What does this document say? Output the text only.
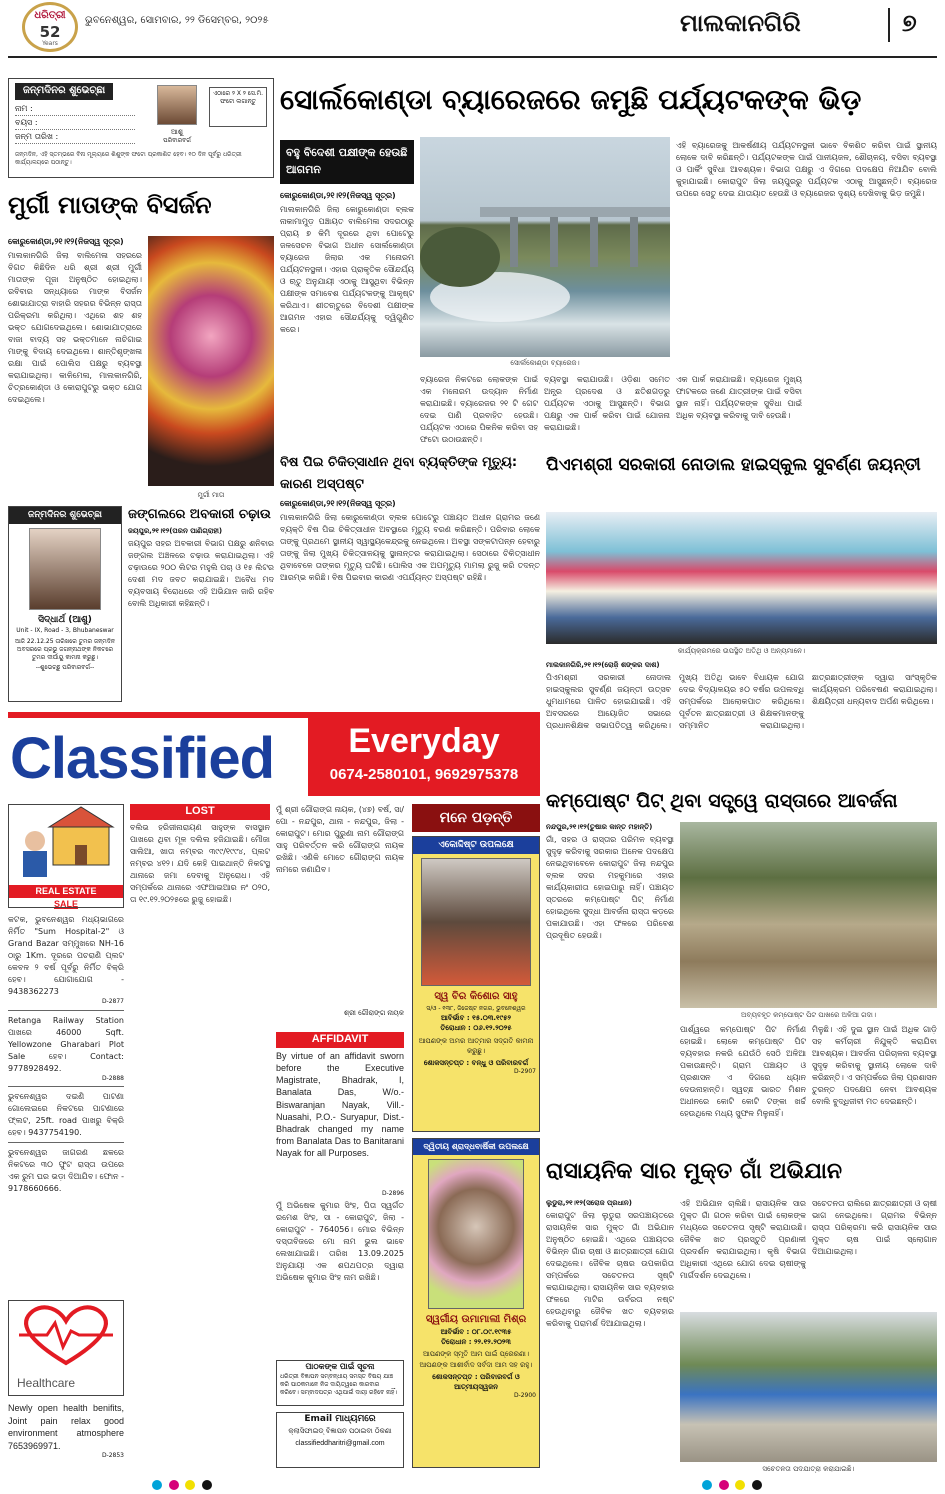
ଧରିତ୍ରୀ
52
Years
ଭୁବନେଶ୍ୱର, ସୋମବାର, ୨୨ ଡିସେମ୍ବର, ୨୦୨୫	ମାଲକାନଗିରି	୭
ଜନ୍ମଦିନର ଶୁଭେଚ୍ଛା
ନାମ :
ବୟସ :
ଜନ୍ମ ତାରିଖ :	ଆଶୁ
ପରିବାରବର୍ଗ
ଏଠାରେ ୨ X ୨ ସେ.ମି. ଫଟୋ ଲଗାନ୍ତୁ
ଜନ୍ମଦିନ, ଏହି ସ୍ତମ୍ଭରେ ବିନା ମୂଲ୍ୟରେ ଶିଶୁଙ୍କ ଫଟୋ ପ୍ରକାଶିତ ହେବ। ୧୦ ଦିନ ପୂର୍ବରୁ ଧରିତ୍ରୀ କାର୍ଯ୍ୟାଳୟରେ ପଠାନ୍ତୁ।
ସୋର୍ଲକୋଣ୍ଡା ବ୍ୟାରେଜରେ ଜମୁଛି ପର୍ଯ୍ୟଟକଙ୍କ ଭିଡ଼
ସୋର୍ଲକୋଣ୍ଡା ବ୍ୟାରେଜ।
ବହୁ ବିଦେଶୀ ପକ୍ଷୀଙ୍କ ହେଉଛି ଆଗମନ
କୋରୁକୋଣ୍ଡା,୨୧।୧୨(ନିଜସ୍ୱ ସୂତ୍ର)
ମାଲକାନଗିରି ଜିଲା କୋରୁକୋଣ୍ଡା ବ୍ଲକ ନାକାମାମୁଡ଼ ପଞ୍ଚାୟତ ବାଲିମେଳା ସଦରଠାରୁ ପ୍ରାୟ ୭ କିମି ଦୂରରେ ଥିବା ପୋଟେରୁ ଜଳସେଚନ ବିଭାଗ ଅଧୀନ ସୋର୍ଲକୋଣ୍ଡା ବ୍ୟାରେଜ ଜିଲାର ଏକ ମନୋରମ ପର୍ଯ୍ୟଟନସ୍ଥଳୀ। ଏହାର ପ୍ରାକୃତିକ ସୌନ୍ଦର୍ଯ୍ୟ ଓ ଋତୁ ଅନୁଯାୟୀ ଏଠାକୁ ଆସୁଥିବା ବିଭିନ୍ନ ପକ୍ଷୀଙ୍କ ସମାବେଶ ପର୍ଯ୍ୟଟକଙ୍କୁ ଆକୃଷ୍ଟ କରିଥାଏ। ଶୀତଋତୁରେ ବିଦେଶୀ ପକ୍ଷୀଙ୍କ ଆଗମନ ଏହାର ସୌନ୍ଦର୍ଯ୍ୟକୁ ଦ୍ୱିଗୁଣିତ କରେ।
ବ୍ୟାରେଜ ନିକଟରେ ଲୋକଙ୍କ ପାଇଁ ଏକ ମନୋରମ ଉଦ୍ୟାନ ନିର୍ମାଣ କରାଯାଇଛି। ବ୍ୟାରେଜର ୨୧ ଟି ଗେଟ ଦେଇ ପାଣି ପ୍ରବାହିତ ହେଉଛି। ପର୍ଯ୍ୟଟକ ଏଠାରେ ପିକନିକ କରିବା ସହ ଫଟୋ ଉଠାଉଛନ୍ତି।
ବ୍ୟବସ୍ଥା କରାଯାଉଛି। ଓଡ଼ିଶା ସମେତ ଅନ୍ଧ୍ର ପ୍ରଦେଶ ଓ ଛତିଶଗଡ଼ରୁ ପର୍ଯ୍ୟଟକ ଏଠାକୁ ଆସୁଛନ୍ତି। ବିଭାଗ ପକ୍ଷରୁ ଏକ ପାର୍କ କରିବା ପାଇଁ ଯୋଜନା କରାଯାଇଛି।
ଏକ ପାର୍କ କରାଯାଇଛି। ବ୍ୟାରେଜ ମୁଖ୍ୟ ଫାଟକରେ ଜଣେ ଯାତ୍ରୀଙ୍କ ପାଇଁ ବସିବା ସ୍ଥାନ ନାହିଁ। ପର୍ଯ୍ୟଟକଙ୍କ ସୁବିଧା ପାଇଁ ଅଧିକ ବ୍ୟବସ୍ଥା କରିବାକୁ ଦାବି ହେଉଛି।
ଏହି ବ୍ୟାରେଜକୁ ଆକର୍ଷଣୀୟ ପର୍ଯ୍ୟଟନସ୍ଥଳୀ ଭାବେ ବିକଶିତ କରିବା ପାଇଁ ସ୍ଥାନୀୟ ଲୋକେ ଦାବି କରିଛନ୍ତି। ପର୍ଯ୍ୟଟକଙ୍କ ପାଇଁ ପାନୀୟଜଳ, ଶୌଚାଳୟ, ବସିବା ବ୍ୟବସ୍ଥା ଓ ପାର୍କିଂ ସୁବିଧା ଆବଶ୍ୟକ। ବିଭାଗ ପକ୍ଷରୁ ଏ ଦିଗରେ ପଦକ୍ଷେପ ନିଆଯିବ ବୋଲି କୁହାଯାଇଛି। କୋରାପୁଟ ଜିଲା ଜୟପୁରରୁ ପର୍ଯ୍ୟଟକ ଏଠାକୁ ଆସୁଛନ୍ତି। ବ୍ୟାରେଜ ଉପରେ ସେତୁ ଦେଇ ଯାତାୟାତ ହେଉଛି ଓ ବ୍ୟାରେଜର ଦୃଶ୍ୟ ଦେଖିବାକୁ ଭିଡ଼ ଜମୁଛି।
ମୁର୍ଗୀ ମାତାଙ୍କ ବିସର୍ଜନ
କୋରୁକୋଣ୍ଡା,୨୧।୧୨(ନିଜସ୍ୱ ସୂତ୍ର)
ମାଲକାନଗିରି ଜିଲା ବାଲିମେଳା ସହରରେ ବିଗତ କିଛିଦିନ ଧରି ଶ୍ରୀ ଶ୍ରୀ ମୁର୍ଗୀ ମାତାଙ୍କ ପୂଜା ଅନୁଷ୍ଠିତ ହୋଇଥିଲା। ରବିବାର ସନ୍ଧ୍ୟାରେ ମାଙ୍କ ବିସର୍ଜନ ଶୋଭାଯାତ୍ରା ବାହାରି ସହରର ବିଭିନ୍ନ ରାସ୍ତା ପରିକ୍ରମା କରିଥିଲା। ଏଥିରେ ଶହ ଶହ ଭକ୍ତ ଯୋଗଦେଇଥିଲେ। ଶୋଭାଯାତ୍ରାରେ ବାଜା ବାଦ୍ୟ ସହ ଭକ୍ତମାନେ ନାଚିଗାଇ ମାଙ୍କୁ ବିଦାୟ ଦେଇଥିଲେ। ଶାନ୍ତିଶୃଙ୍ଖଳା ରକ୍ଷା ପାଇଁ ପୋଲିସ ପକ୍ଷରୁ ବ୍ୟବସ୍ଥା କରାଯାଇଥିଲା। କାଳିମେଳା, ମାଲକାନଗିରି, ଚିତ୍ରକୋଣ୍ଡା ଓ କୋରାପୁଟରୁ ଭକ୍ତ ଯୋଗ ଦେଇଥିଲେ।
ମୁର୍ଗୀ ମାତା
ଜନ୍ମଦିନର ଶୁଭେଚ୍ଛା
ସିଦ୍ଧାର୍ଥ (ଆଶୁ)
Unit - IX, Road - 3, Bhubaneswar
ଆଜି 22.12.25 ତାରିଖରେ ତୁମର ଜନ୍ମଦିନ ଅବସରରେ ପ୍ରଭୁ ଜଗନ୍ନାଥଙ୍କ ନିକଟରେ ତୁମର ଦୀର୍ଘାୟୁ କାମନା କରୁଛୁ।
--ଶୁଭେଚ୍ଛୁ ପରିବାରବର୍ଗ--
ଜଙ୍ଗଲରେ ଅବକାରୀ ଚଢ଼ାଉ
ଜୟପୁର,୨୧।୧୨(ପରନ ପାଣିଗ୍ରାହୀ)
ଜୟପୁର ସହର ଅବକାରୀ ବିଭାଗ ପକ୍ଷରୁ ଶନିବାର ଜଙ୍ଗଲ ଅଞ୍ଚଳରେ ଚଢ଼ାଉ କରାଯାଇଥିଲା। ଏହି ଚଢ଼ାଉରେ ୨୦୦ ଲିଟର ମହୁଲି ପଚା ଓ ୧୫ ଲିଟର ଦେଶୀ ମଦ ଜବତ କରାଯାଇଛି। ଅବୈଧ ମଦ ବ୍ୟବସାୟ ବିରୋଧରେ ଏହି ଅଭିଯାନ ଜାରି ରହିବ ବୋଲି ଅଧିକାରୀ କହିଛନ୍ତି।
ବିଷ ପିଇ ଚିକିତ୍ସାଧୀନ ଥିବା ବ୍ୟକ୍ତିଙ୍କ ମୃତ୍ୟୁ: କାରଣ ଅସ୍ପଷ୍ଟ
କୋରୁକୋଣ୍ଡା,୨୧।୧୨(ନିଜସ୍ୱ ସୂତ୍ର)
ମାଲକାନଗିରି ଜିଲା କୋରୁକୋଣ୍ଡା ବ୍ଲକ ପୋଟେରୁ ପଞ୍ଚାୟତ ଅଧୀନ ଗ୍ରାମର ଜଣେ ବ୍ୟକ୍ତି ବିଷ ପିଇ ଚିକିତ୍ସାଧୀନ ଅବସ୍ଥାରେ ମୃତ୍ୟୁ ବରଣ କରିଛନ୍ତି। ପରିବାର ଲୋକେ ତାଙ୍କୁ ପ୍ରଥମେ ସ୍ଥାନୀୟ ସ୍ୱାସ୍ଥ୍ୟକେନ୍ଦ୍ରକୁ ନେଇଥିଲେ। ଅବସ୍ଥା ସଙ୍କଟାପନ୍ନ ହେବାରୁ ତାଙ୍କୁ ଜିଲା ମୁଖ୍ୟ ଚିକିତ୍ସାଳୟକୁ ସ୍ଥାନାନ୍ତର କରାଯାଇଥିଲା। ସେଠାରେ ଚିକିତ୍ସାଧୀନ ଥିବାବେଳେ ତାଙ୍କର ମୃତ୍ୟୁ ଘଟିଛି। ପୋଲିସ ଏକ ଅପମୃତ୍ୟୁ ମାମଲା ରୁଜୁ କରି ତଦନ୍ତ ଆରମ୍ଭ କରିଛି। ବିଷ ପିଇବାର କାରଣ ଏପର୍ଯ୍ୟନ୍ତ ଅସ୍ପଷ୍ଟ ରହିଛି।
ପିଏମଶ୍ରୀ ସରକାରୀ ନୋଡାଲ ହାଇସ୍କୁଲ ସୁବର୍ଣ୍ଣ ଜୟନ୍ତୀ
କାର୍ଯ୍ୟକ୍ରମରେ ଉପସ୍ଥିତ ଅତିଥି ଓ ଅନ୍ୟମାନେ।
ମାଲକାନଗିରି,୨୧।୧୨(ରୋଜ଼ି ଶଙ୍କର ଦାଶ)
ପିଏମଶ୍ରୀ ସରକାରୀ ନୋଡାଲ ହାଇସ୍କୁଲର ସୁବର୍ଣ୍ଣ ଜୟନ୍ତୀ ଉତ୍ସବ ଧୁମଧାମରେ ପାଳିତ ହୋଇଯାଇଛି। ଏହି ଅବସରରେ ଆୟୋଜିତ ସଭାରେ ପ୍ରଧାନଶିକ୍ଷକ ସଭାପତିତ୍ୱ କରିଥିଲେ। ମୁଖ୍ୟ ଅତିଥି ଭାବେ ବିଧାୟକ ଯୋଗ ଦେଇ ବିଦ୍ୟାଳୟର ୫୦ ବର୍ଷର ଉପଲବ୍ଧି ସମ୍ପର୍କରେ ଆଲୋକପାତ କରିଥିଲେ। ପୂର୍ବତନ ଛାତ୍ରଛାତ୍ରୀ ଓ ଶିକ୍ଷକମାନଙ୍କୁ ସମ୍ମାନିତ କରାଯାଇଥିଲା। ଛାତ୍ରଛାତ୍ରୀଙ୍କ ଦ୍ୱାରା ସାଂସ୍କୃତିକ କାର୍ଯ୍ୟକ୍ରମ ପରିବେଷଣ କରାଯାଇଥିଲା। ଶିକ୍ଷୟିତ୍ରୀ ଧନ୍ୟବାଦ ଅର୍ପଣ କରିଥିଲେ।
Classified	Everyday
0674-2580101, 9692975378
REAL ESTATE
SALE
କଟକ, ଭୁବନେଶ୍ୱର ମଧ୍ୟଭାଗରେ ନିର୍ମିତ "Sum Hospital-2" ଓ Grand Bazar ସମ୍ମୁଖରେ NH-16 ଠାରୁ 1Km. ଦୂରରେ ପଚରାଣି ପ୍ଲଟ କେବଳ ୨ ବର୍ଷ ପୂର୍ବରୁ ନିର୍ମିତ ବିକ୍ରି ହେବ। ଯୋଗାଯୋଗ - 9438362273
D-2877
Retanga Railway Station ପାଖରେ 46000 Sqft. Yellowzone Gharabari Plot Sale ହେବ। Contact: 9778928492.
D-2888
ଭୁବନେଶ୍ୱର ଦଇଣି ପାଟଣା ଗୋଲେଇରେ ନିକଟରେ ପାଟଣାରେ ଫ୍ଲଟ, 25ft. road ପାଖରୁ ବିକ୍ରି ହେବ। 9437754190.
ଭୁବନେଶ୍ୱର ଜାଗରଣ ଛକରେ ନିକଟରେ ୩୦ ଫୁଟ ରାସ୍ତା ଉପରେ ଏକ ରୁମ ଘର ଭଡ଼ା ଦିଆଯିବ। ଫୋନ - 9178660666.
Healthcare
Newly open health benifits, Joint pain relax good environment atmosphere 7653969971.
D-2853
LOST
ବଲିଭ ହରିଜୀନାରାୟଣ ସାହୁଙ୍କ ବାସସ୍ଥାନ ପାଖରେ ଥିବା ମୂଳ ଦଲିଲ ହଜିଯାଇଛି। ମୌଜା ସାଲିଆ, ଖାତା ନମ୍ବର ୩୯୯/୧୯୯୪, ପ୍ଲଟ ନମ୍ବର ୪୧୨। ଯଦି କେହି ପାଇଥାନ୍ତି ନିକଟସ୍ଥ ଥାନାରେ ଜମା ଦେବାକୁ ଅନୁରୋଧ। ଏହି ସମ୍ପର୍କରେ ଥାନାରେ ଏଫଆଇଆର ନଂ ୦୨୦, ତା ୧୯.୧୨.୨୦୨୫ରେ ରୁଜୁ ହୋଇଛି।
ମୁଁ ଶ୍ରୀ ଗୌରାଙ୍ଗ ନାୟକ, (୪୭) ବର୍ଷ, ସା/ପୋ - ନନ୍ଦପୁର, ଥାନା - ନନ୍ଦପୁର, ଜିଲା - କୋରାପୁଟ। ମୋର ପୁରୁଣା ନାମ ଗୌରାଙ୍ଗ ସାହୁ ପରିବର୍ତ୍ତନ କରି ଗୌରାଙ୍ଗ ନାୟକ ରଖିଛି। ଏଣିକି ମୋତେ ଗୌରାଙ୍ଗ ନାୟକ ନାମରେ ଜଣାଯିବ।
ଶ୍ରୀ ଗୌରାଙ୍ଗ ନାୟକ
AFFIDAVIT
By virtue of an affidavit sworn before the Executive Magistrate, Bhadrak, I, Banalata Das, W/o.- Biswaranjan Nayak, Vill.- Nuasahi, P.O.- Suryapur, Dist.- Bhadrak changed my name from Banalata Das to Banitarani Nayak for all Purposes.
D-2896
ମୁଁ ଅଭିଷେକ କୁମାର ସିଂହ, ପିତା ସ୍ୱର୍ଗତ ରମେଶ ସିଂହ, ସା - କୋରାପୁଟ, ଜିଲା - କୋରାପୁଟ - 764056। ମୋର ବିଭିନ୍ନ ଦସ୍ତାବିଜରେ ମୋ ନାମ ଭୁଲ ଭାବେ ଲେଖାଯାଇଛି। ତାରିଖ 13.09.2025 ଅନୁଯାୟୀ ଏକ ଶପଥପତ୍ର ଦ୍ୱାରା ଅଭିଷେକ କୁମାର ସିଂହ ନାମ ରଖିଛି।
ପାଠକଙ୍କ ପାଇଁ ସୂଚନା
ଧରିତ୍ରୀ ବିଜ୍ଞାପନ ସମ୍ବନ୍ଧୀୟ ସମସ୍ତ ବିଷୟ ଯାଞ୍ଚ କରି ପାଠକମାନେ ନିଜ ଦାୟିତ୍ୱରେ କାରବାର କରିବେ। ସମ୍ବାଦପତ୍ର ଏଥିପାଇଁ ଦାୟୀ ରହିବେ ନାହିଁ।
Email ମାଧ୍ୟମରେ
କ୍ଲାସିଫାଇଡ୍ ବିଜ୍ଞାପନ ପଠାଇବା ଠିକଣା
classifieddharitri@gmail.com
ମନେ ପଡ଼ନ୍ତି
ଏକୋଦ୍ଦିଷ୍ଟ ଉପଲକ୍ଷେ
ସ୍ୱ ବିର କିଶୋର ସାହୁ
ସ/ଓ - ୧୩୮, ଜିଜେଷ୍ଟ ନଗର, ଭୁବନେଶ୍ୱର
ଆବିର୍ଭାବ : ୧୫.୦୩.୧୯୫୨
ତିରୋଧାନ : ୦୬.୧୨.୨୦୨୫
ଆପଣଙ୍କ ଅମର ଆତ୍ମାର ସଦ୍‌ଗତି କାମନା କରୁଛୁ।
ଶୋକସନ୍ତପ୍ତ : ବନ୍ଧୁ ଓ ପରିବାରବର୍ଗ
D-2907
ଦ୍ୱିତୀୟ ଶ୍ରାଦ୍ଧବାର୍ଷିକୀ ଉପଲକ୍ଷେ
ସ୍ୱର୍ଗୀୟ ଉମାମାଲୀ ମିଶ୍ର
ଆବିର୍ଭାବ : ୦୮.୦୯.୧୯୩୫
ତିରୋଧାନ : ୨୨.୧୨.୨୦୨୩
ଆପଣଙ୍କ ସ୍ମୃତି ଆମ ପାଇଁ ପ୍ରେରଣା। ଆପଣଙ୍କ ଆଶୀର୍ବାଦ ସର୍ବଦା ଆମ ସହ ରହୁ।
ଶୋକସନ୍ତପ୍ତ : ପରିବାରବର୍ଗ ଓ ଆତ୍ମୀୟସ୍ୱଜନ
D-2900
କମ୍ପୋଷ୍ଟ ପିଟ୍ ଥିବା ସତ୍ତ୍ୱେ ରାସ୍ତାରେ ଆବର୍ଜନା
ନନ୍ଦପୁର,୨୧।୧୨(ତୁଷାର କାନ୍ତ ମହାନ୍ତି)
ଗାଁ, ସହର ଓ ରାସ୍ତାର ପରିମଳ ବ୍ୟବସ୍ଥା ସୁଦୃଢ଼ କରିବାକୁ ସରକାର ଅନେକ ପଦକ୍ଷେପ ନେଇଥିବାବେଳେ କୋରାପୁଟ ଜିଲା ନନ୍ଦପୁର ବ୍ଲକ ସଦର ମହକୁମାରେ ଏହାର କାର୍ଯ୍ୟକାରୀତା ହୋଇପାରୁ ନାହିଁ। ପଞ୍ଚାୟତ ସ୍ତରରେ କମ୍ପୋଷ୍ଟ ପିଟ୍ ନିର୍ମାଣ ହୋଇଥିଲେ ସୁଦ୍ଧା ଆବର୍ଜନା ରାସ୍ତା କଡ଼ରେ ପକାଯାଉଛି। ଏହା ଫଳରେ ପରିବେଶ ପ୍ରଦୂଷିତ ହେଉଛି।
ଅବ୍ୟବହୃତ କମ୍ପୋଷ୍ଟ ପିଟ ପାଖରେ ଅଳିଆ ଗଦା।
ପାର୍ଶ୍ୱରେ କମ୍ପୋଷ୍ଟ ପିଟ ନିର୍ମାଣ ହୋଇଛି। ଲୋକେ କମ୍ପୋଷ୍ଟ ପିଟ ବ୍ୟବହାର ନକରି ଯେଉଁଠି ସେଠି ଅଳିଆ ପକାଉଛନ୍ତି। ଗ୍ରାମ ପଞ୍ଚାୟତ ଓ ପ୍ରଶାସନ ଏ ଦିଗରେ ଧ୍ୟାନ ଦେଉନାହାନ୍ତି। ସ୍ୱଚ୍ଛ ଭାରତ ମିଶନ ଅଧୀନରେ କୋଟି କୋଟି ଟଙ୍କା ଖର୍ଚ୍ଚ ହେଉଥିଲେ ମଧ୍ୟ ସୁଫଳ ମିଳୁନାହିଁ।
ମିଳୁଛି। ଏହି ଦୁଇ ସ୍ଥାନ ପାଇଁ ଅଧିକ ଗାଡ଼ି ସହ କର୍ମଚାରୀ ନିଯୁକ୍ତି କରାଯିବା ଆବଶ୍ୟକ। ଆବର୍ଜନା ପରିଚାଳନା ବ୍ୟବସ୍ଥା ସୁଦୃଢ଼ କରିବାକୁ ସ୍ଥାନୀୟ ଲୋକେ ଦାବି କରିଛନ୍ତି। ଏ ସମ୍ପର୍କରେ ଜିଲା ପ୍ରଶାସନ ତୁରନ୍ତ ପଦକ୍ଷେପ ନେବା ଆବଶ୍ୟକ ବୋଲି ବୁଦ୍ଧିଜୀବୀ ମତ ଦେଇଛନ୍ତି।
ରାସାୟନିକ ସାର ମୁକ୍ତ ଗାଁ ଅଭିଯାନ
ଲୁଡୁରା,୨୧।୧୨(ସରୋଜ ପ୍ରଧାନ)
କୋରାପୁଟ ଜିଲା ଲୁଡୁରା ସରପଞ୍ଚାୟତରେ ରାସାୟନିକ ସାର ମୁକ୍ତ ଗାଁ ଅଭିଯାନ ଅନୁଷ୍ଠିତ ହୋଇଛି। ଏଥିରେ ପଞ୍ଚାୟତର ବିଭିନ୍ନ ଗାଁର ଚାଷୀ ଓ ଛାତ୍ରଛାତ୍ରୀ ଯୋଗ ଦେଇଥିଲେ। ଜୈବିକ ଚାଷର ଉପକାରିତା ସମ୍ପର୍କରେ ସଚେତନତା ସୃଷ୍ଟି କରାଯାଇଥିଲା। ରାସାୟନିକ ସାର ବ୍ୟବହାର ଫଳରେ ମାଟିର ଉର୍ବରତା ନଷ୍ଟ ହେଉଥିବାରୁ ଜୈବିକ ଖତ ବ୍ୟବହାର କରିବାକୁ ପରାମର୍ଶ ଦିଆଯାଇଥିଲା।
ଏହି ଅଭିଯାନ ଚାଲିଛି। ରାସାୟନିକ ସାର ମୁକ୍ତ ଗାଁ ଗଠନ କରିବା ପାଇଁ ଲୋକଙ୍କ ମଧ୍ୟରେ ସଚେତନତା ସୃଷ୍ଟି କରାଯାଉଛି। ଜୈବିକ ଖତ ପ୍ରସ୍ତୁତି ପ୍ରଣାଳୀ ପ୍ରଦର୍ଶନ କରାଯାଇଥିଲା। କୃଷି ବିଭାଗ ଅଧିକାରୀ ଏଥିରେ ଯୋଗ ଦେଇ ଚାଷୀଙ୍କୁ ମାର୍ଗଦର୍ଶନ ଦେଇଥିଲେ।
ସଚେତନତା ରାଲିରେ ଛାତ୍ରଛାତ୍ରୀ ଓ ଚାଷୀ ଭାଗ ନେଇଥିଲେ। ଗ୍ରାମର ବିଭିନ୍ନ ରାସ୍ତା ପରିକ୍ରମା କରି ରାସାୟନିକ ସାର ମୁକ୍ତ ଚାଷ ପାଇଁ ସ୍ଲୋଗାନ ଦିଆଯାଇଥିଲା।
ସଚେତନତା ପଦଯାତ୍ରା କରାଯାଇଛି।
